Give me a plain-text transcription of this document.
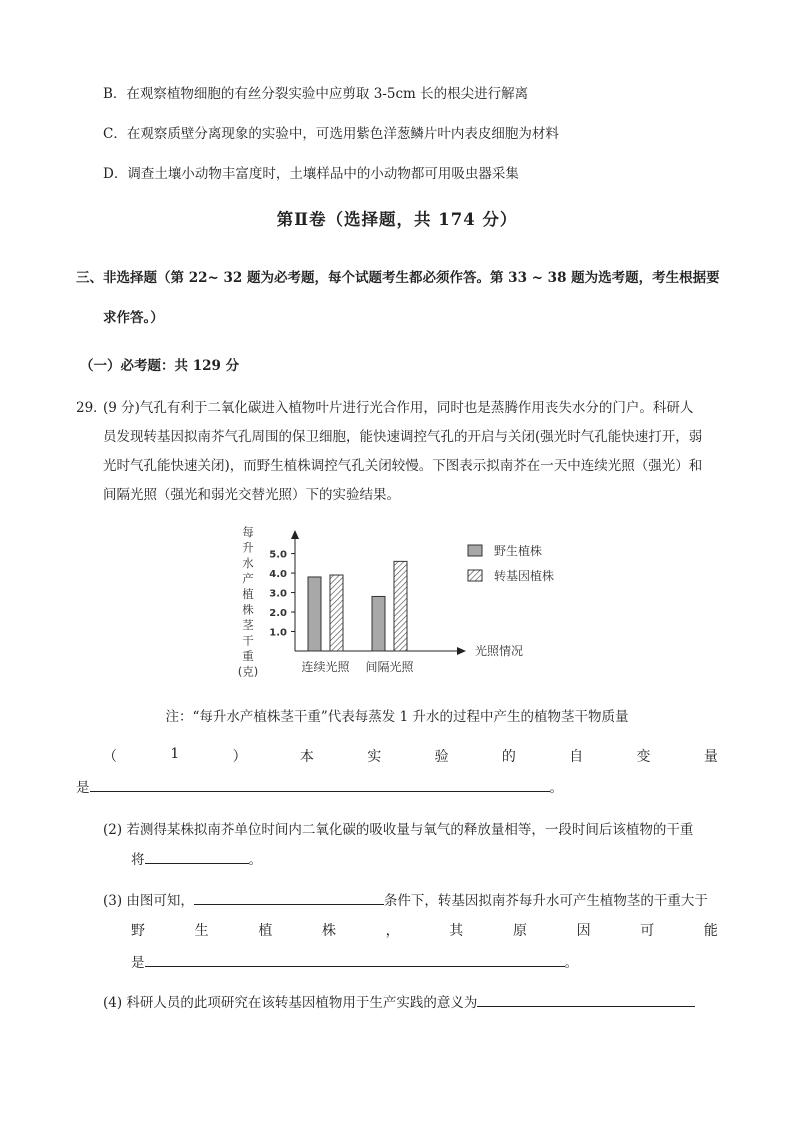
B．在观察植物细胞的有丝分裂实验中应剪取 3-5cm 长的根尖进行解离
C．在观察质壁分离现象的实验中，可选用紫色洋葱鳞片叶内表皮细胞为材料
D．调查土壤小动物丰富度时，土壤样品中的小动物都可用吸虫器采集
第Ⅱ卷（选择题，共 174 分）
三、非选择题（第 22~ 32 题为必考题，每个试题考生都必须作答。第 33 ~ 38 题为选考题，考生根据要
求作答。）
（一）必考题：共 129 分
29．
(9 分)气孔有利于二氧化碳进入植物叶片进行光合作用，同时也是蒸腾作用丧失水分的门户。科研人
员发现转基因拟南芥气孔周围的保卫细胞，能快速调控气孔的开启与关闭(强光时气孔能快速打开，弱
光时气孔能快速关闭)，而野生植株调控气孔关闭较慢。下图表示拟南芥在一天中连续光照（强光）和
间隔光照（强光和弱光交替光照）下的实验结果。
每
升
水
产
植
株
茎
干
重
(克)
1.0
2.0
3.0
4.0
5.0
连续光照 间隔光照
光照情况
野生植株
转基因植株
注：“每升水产植株茎干重”代表每蒸发 1 升水的过程中产生的植物茎干物质量
（	1	）	本	实	验	的	自	变	量
是	。
(2) 若测得某株拟南芥单位时间内二氧化碳的吸收量与氧气的释放量相等，一段时间后该植物的干重
将	。
(3) 由图可知，	条件下，转基因拟南芥每升水可产生植物茎的干重大于
野	生	植	株	，	其	原	因	可	能
是	。
(4) 科研人员的此项研究在该转基因植物用于生产实践的意义为
